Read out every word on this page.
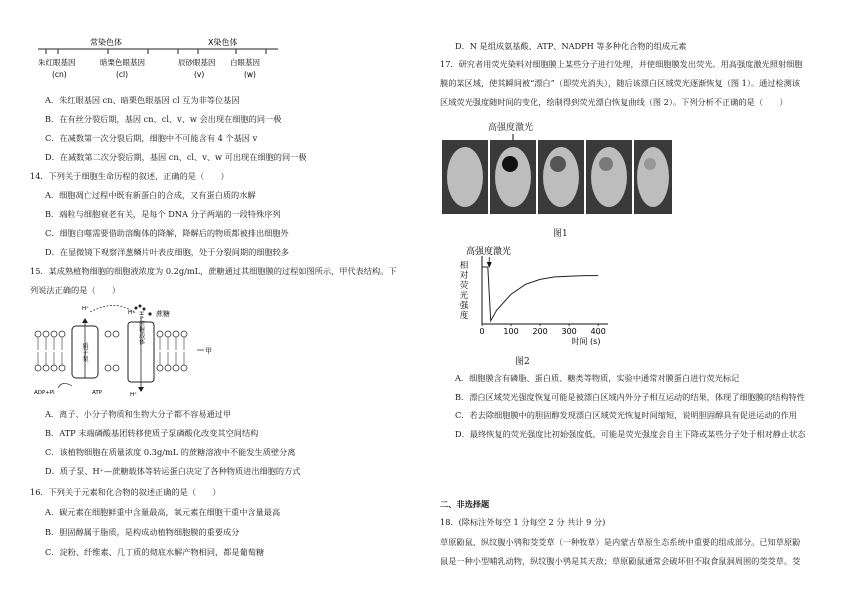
常染色体	X染色体
朱红眼基因	暗栗色眼基因	辰砂眼基因 白眼基因
(cn)	(cl)	(v)	(w)
A．朱红眼基因 cn、暗栗色眼基因 cl 互为非等位基因
B．在有丝分裂后期，基因 cn、cl、v、w 会出现在细胞的同一极
C．在减数第一次分裂后期，细胞中不可能含有 4 个基因 v
D．在减数第二次分裂后期，基因 cn、cl、v、w 可出现在细胞的同一极
14．下列关于细胞生命历程的叙述，正确的是（　　）
A．细胞凋亡过程中既有新蛋白的合成，又有蛋白质的水解
B．端粒与细胞衰老有关，是每个 DNA 分子两端的一段特殊序列
C．细胞自噬需要借助溶酶体的降解，降解后的物质都被排出细胞外
D．在显微镜下观察洋葱鳞片叶表皮细胞，处于分裂间期的细胞较多
15．某成熟植物细胞的细胞液浓度为 0.2g/mL，蔗糖通过其细胞膜的过程如图所示，甲代表结构。下
列说法正确的是（　　）
质子泵
H⁺-蔗糖载体
H⁺
H⁺
H⁺
蔗糖
甲
ADP+Pi	ATP
A．离子、小分子物质和生物大分子都不容易通过甲
B．ATP 末端磷酸基团转移使质子泵磷酸化改变其空间结构
C．该植物细胞在质量浓度 0.3g/mL 的蔗糖溶液中不能发生质壁分离
D．质子泵、H⁺—蔗糖载体等转运蛋白决定了各种物质进出细胞的方式
16．下列关于元素和化合物的叙述正确的是（　　）
A．碳元素在细胞鲜重中含量最高，氧元素在细胞干重中含量最高
B．胆固醇属于脂质，是构成动植物细胞膜的重要成分
C．淀粉、纤维素、几丁质的彻底水解产物相同，都是葡萄糖
D．N 是组成氨基酸、ATP、NADPH 等多种化合物的组成元素
17．研究者用荧光染料对细胞膜上某些分子进行处理，并使细胞膜发出荧光。用高强度激光照射细胞
膜的某区域，使其瞬间被“漂白”（即荧光消失），随后该漂白区域荧光逐渐恢复（图 1）。通过检测该
区域荧光强度随时间的变化，绘制得到荧光漂白恢复曲线（图 2）。下列分析不正确的是（　　）
高强度激光
图1
高强度激光
相
对
荧
光
强
度
0 100 200 300 400
时间 (s)
图2
A．细胞膜含有磷脂、蛋白质、糖类等物质，实验中通常对膜蛋白进行荧光标记
B．漂白区域荧光强度恢复可能是被漂白区域内外分子相互运动的结果，体现了细胞膜的结构特性
C．若去除细胞膜中的胆固醇发现漂白区域荧光恢复时间缩短，说明胆固醇具有促进运动的作用
D．最终恢复的荧光强度比初始强度低，可能是荧光强度会自主下降或某些分子处于相对静止状态
二、非选择题
18．(除标注外每空 1 分每空 2 分 共计 9 分)
草原鼢鼠、纵纹腹小鸮和茭茭草（一种牧草）是内蒙古草原生态系统中重要的组成部分。已知草原鼢
鼠是一种小型哺乳动物，纵纹腹小鸮是其天敌；草原鼢鼠通常会破坏但不取食鼠洞周围的茭茭草。茭
